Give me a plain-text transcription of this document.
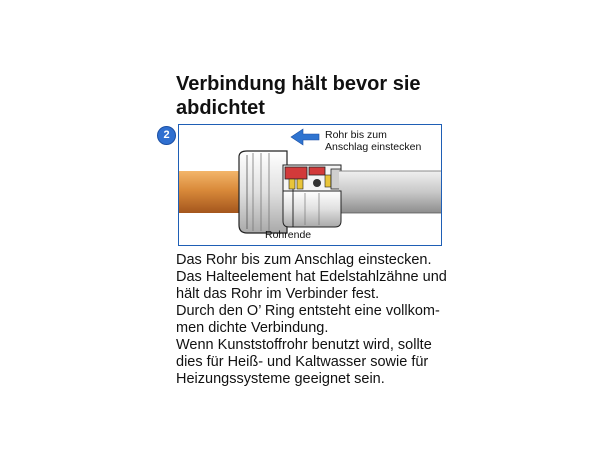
Verbindung hält bevor sie
abdichtet
2	Rohr bis zum
Anschlag einstecken
Rohrende
Das Rohr bis zum Anschlag einstecken.
Das Halteelement hat Edelstahlzähne und
hält das Rohr im Verbinder fest.
Durch den O’ Ring entsteht eine vollkom-
men dichte Verbindung.
Wenn Kunststoffrohr benutzt wird, sollte
dies für Heiß- und Kaltwasser sowie für
Heizungssysteme geeignet sein.
